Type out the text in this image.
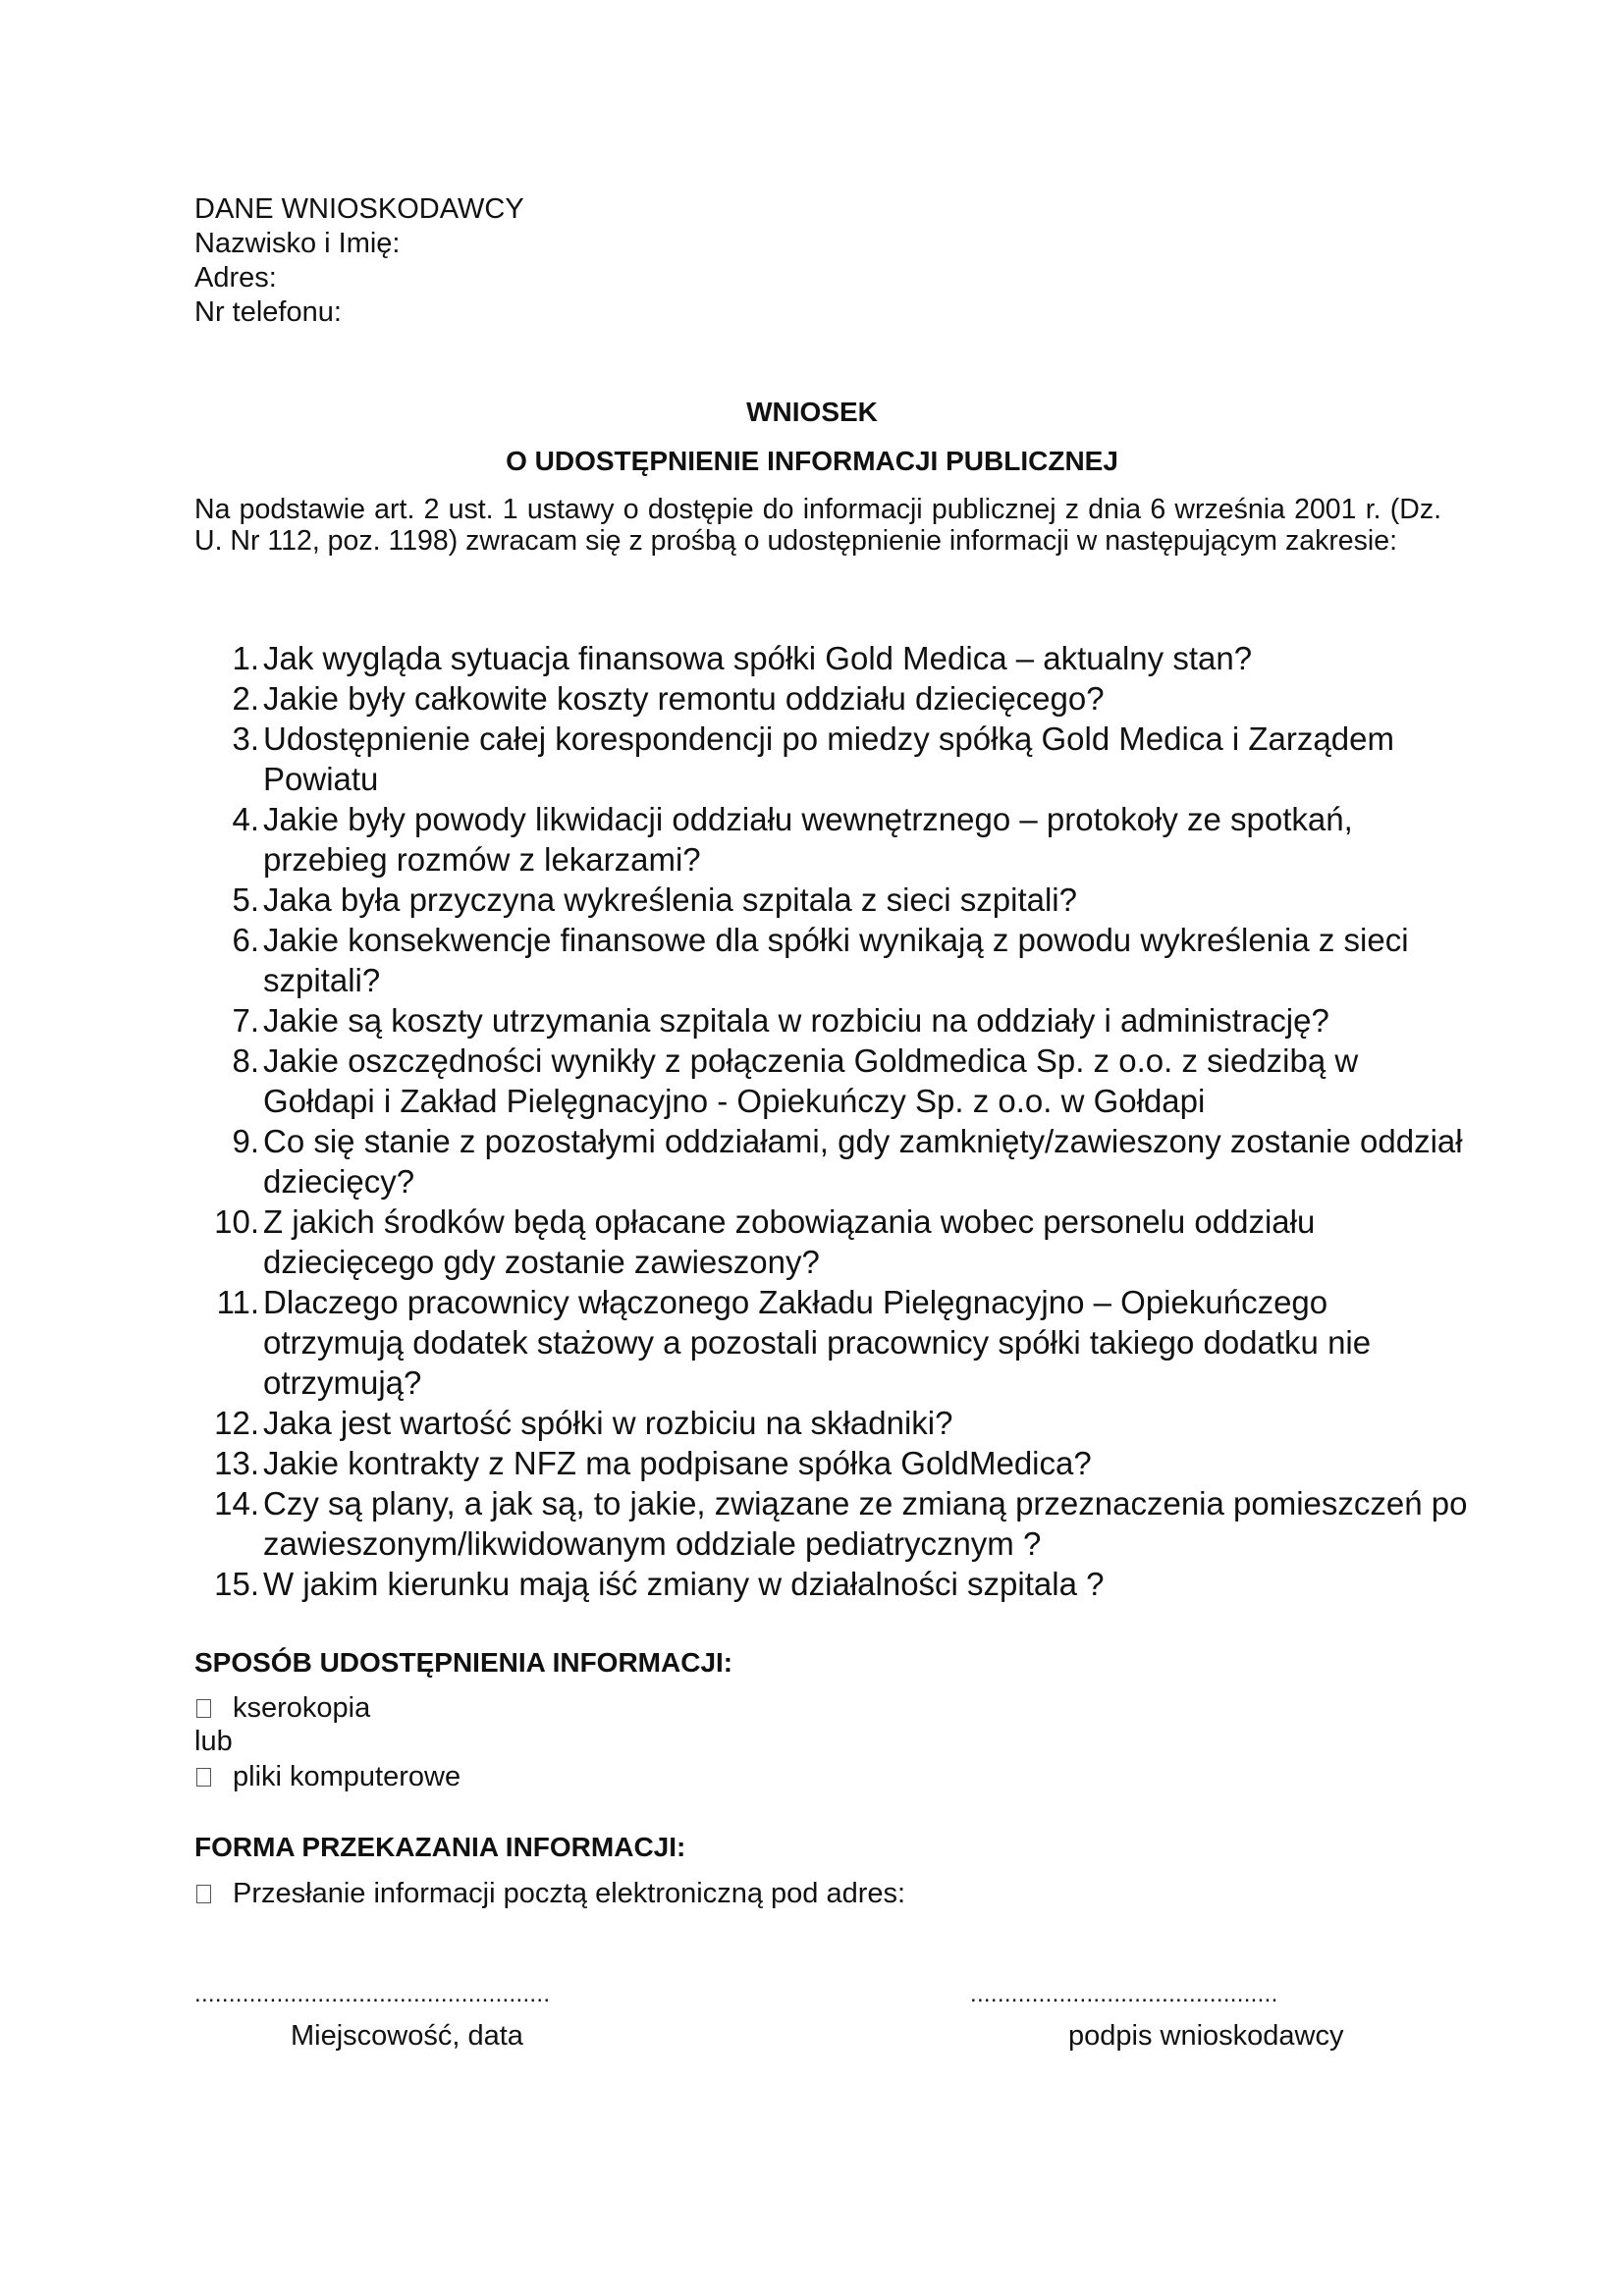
DANE WNIOSKODAWCY
Nazwisko i Imię:
Adres:
Nr telefonu:
WNIOSEK
O UDOSTĘPNIENIE INFORMACJI PUBLICZNEJ
Na podstawie art. 2 ust. 1 ustawy o dostępie do informacji publicznej z dnia 6 września 2001 r. (Dz. U. Nr 112, poz. 1198) zwracam się z prośbą o udostępnienie informacji w następującym zakresie:
1. Jak wygląda sytuacja finansowa spółki Gold Medica – aktualny stan?
2. Jakie były całkowite koszty remontu oddziału dziecięcego?
3. Udostępnienie całej korespondencji po miedzy spółką Gold Medica i Zarządem Powiatu
4. Jakie były powody likwidacji oddziału wewnętrznego – protokoły ze spotkań, przebieg rozmów z lekarzami?
5. Jaka była przyczyna wykreślenia szpitala z sieci szpitali?
6. Jakie konsekwencje finansowe dla spółki wynikają z powodu wykreślenia z sieci szpitali?
7. Jakie są koszty utrzymania szpitala w rozbiciu na oddziały i administrację?
8. Jakie oszczędności wynikły z połączenia Goldmedica Sp. z o.o. z siedzibą w Gołdapi i Zakład Pielęgnacyjno - Opiekuńczy Sp. z o.o. w Gołdapi
9. Co się stanie z pozostałymi oddziałami, gdy zamknięty/zawieszony zostanie oddział dziecięcy?
10. Z jakich środków będą opłacane zobowiązania wobec personelu oddziału dziecięcego gdy zostanie zawieszony?
11. Dlaczego pracownicy włączonego Zakładu Pielęgnacyjno – Opiekuńczego otrzymują dodatek stażowy a pozostali pracownicy spółki takiego dodatku nie otrzymują?
12. Jaka jest wartość spółki w rozbiciu na składniki?
13. Jakie kontrakty z NFZ ma podpisane spółka GoldMedica?
14. Czy są plany, a jak są, to jakie, związane ze zmianą przeznaczenia pomieszczeń po zawieszonym/likwidowanym oddziale pediatrycznym ?
15. W jakim kierunku mają iść zmiany w działalności szpitala ?
SPOSÓB UDOSTĘPNIENIA INFORMACJI:
kserokopia
lub
pliki komputerowe
FORMA PRZEKAZANIA INFORMACJI:
Przesłanie informacji pocztą elektroniczną pod adres:
....................................................	.............................................
Miejscowość, data	podpis wnioskodawcy
